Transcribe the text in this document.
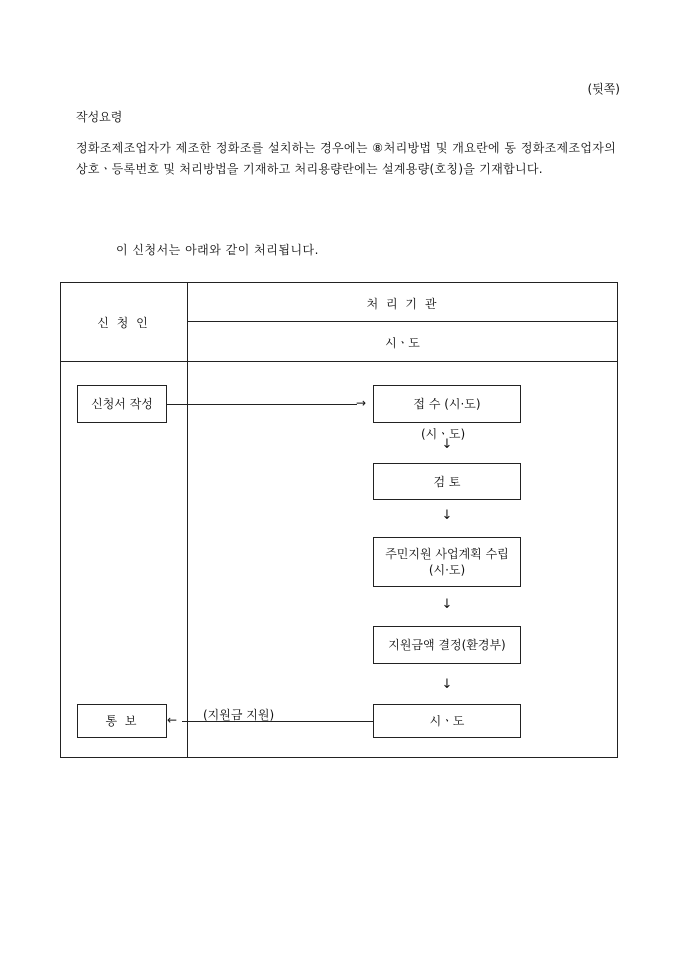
(뒷쪽)
작성요령
정화조제조업자가 제조한 정화조를 설치하는 경우에는 ⑧처리방법 및 개요란에 동 정화조제조업자의 상호ㆍ등록번호 및 처리방법을 기재하고 처리용량란에는 설계용량(호칭)을 기재합니다.
이 신청서는 아래와 같이 처리됩니다.
신 청 인
처 리 기 관
시ㆍ도
신청서 작성
통 보
접 수 (시·도)
(시ㆍ도)
검 토
주민지원 사업계획 수립
(시·도)
지원금액 결정(환경부)
시ㆍ도
→
↓
↓
↓
↓
← (지원금 지원)
